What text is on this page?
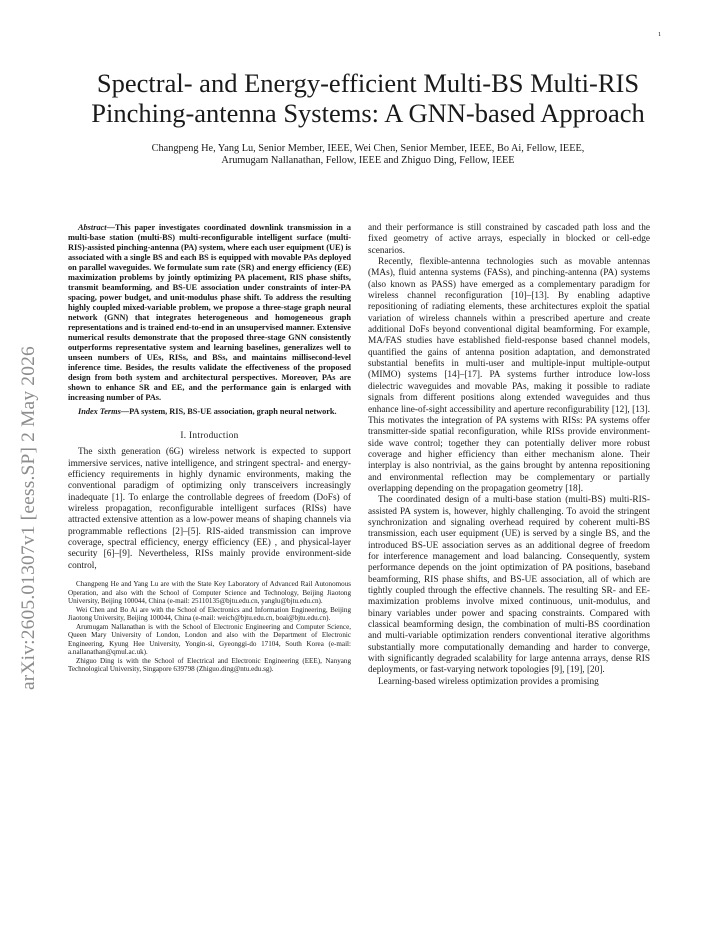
1
arXiv:2605.01307v1 [eess.SP] 2 May 2026
Spectral- and Energy-efficient Multi-BS Multi-RIS
Pinching-antenna Systems: A GNN-based Approach
Changpeng He, Yang Lu, Senior Member, IEEE, Wei Chen, Senior Member, IEEE, Bo Ai, Fellow, IEEE,
Arumugam Nallanathan, Fellow, IEEE and Zhiguo Ding, Fellow, IEEE

Abstract—This paper investigates coordinated downlink transmission in a multi-base station (multi-BS) multi-reconfigurable intelligent surface (multi-RIS)-assisted pinching-antenna (PA) system, where each user equipment (UE) is associated with a single BS and each BS is equipped with movable PAs deployed on parallel waveguides. We formulate sum rate (SR) and energy efficiency (EE) maximization problems by jointly optimizing PA placement, RIS phase shifts, transmit beamforming, and BS-UE association under constraints of inter-PA spacing, power budget, and unit-modulus phase shift. To address the resulting highly coupled mixed-variable problem, we propose a three-stage graph neural network (GNN) that integrates heterogeneous and homogeneous graph representations and is trained end-to-end in an unsupervised manner. Extensive numerical results demonstrate that the proposed three-stage GNN consistently outperforms representative system and learning baselines, generalizes well to unseen numbers of UEs, RISs, and BSs, and maintains millisecond-level inference time. Besides, the results validate the effectiveness of the proposed design from both system and architectural perspectives. Moreover, PAs are shown to enhance SR and EE, and the performance gain is enlarged with increasing number of PAs.

Index Terms—PA system, RIS, BS-UE association, graph neural network.

I. Introduction

The sixth generation (6G) wireless network is expected to support immersive services, native intelligence, and stringent spectral- and energy-efficiency requirements in highly dynamic environments, making the conventional paradigm of optimizing only transceivers increasingly inadequate [1]. To enlarge the controllable degrees of freedom (DoFs) of wireless propagation, reconfigurable intelligent surfaces (RISs) have attracted extensive attention as a low-power means of shaping channels via programmable reflections [2]–[5]. RIS-aided transmission can improve coverage, spectral efficiency, energy efficiency (EE) , and physical-layer security [6]–[9]. Nevertheless, RISs mainly provide environment-side control,

Changpeng He and Yang Lu are with the State Key Laboratory of Advanced Rail Autonomous Operation, and also with the School of Computer Science and Technology, Beijing Jiaotong University, Beijing 100044, China (e-mail: 25110135@bjtu.edu.cn, yanglu@bjtu.edu.cn).

Wei Chen and Bo Ai are with the School of Electronics and Information Engineering, Beijing Jiaotong University, Beijing 100044, China (e-mail: weich@bjtu.edu.cn, boai@bjtu.edu.cn).

Arumugam Nallanathan is with the School of Electronic Engineering and Computer Science, Queen Mary University of London, London and also with the Department of Electronic Engineering, Kyung Hee University, Yongin-si, Gyeonggi-do 17104, South Korea (e-mail: a.nallanathan@qmul.ac.uk).

Zhiguo Ding is with the School of Electrical and Electronic Engineering (EEE), Nanyang Technological University, Singapore 639798 (Zhiguo.ding@ntu.edu.sg).

and their performance is still constrained by cascaded path loss and the fixed geometry of active arrays, especially in blocked or cell-edge scenarios.

Recently, flexible-antenna technologies such as movable antennas (MAs), fluid antenna systems (FASs), and pinching-antenna (PA) systems (also known as PASS) have emerged as a complementary paradigm for wireless channel reconfiguration [10]–[13]. By enabling adaptive repositioning of radiating elements, these architectures exploit the spatial variation of wireless channels within a prescribed aperture and create additional DoFs beyond conventional digital beamforming. For example, MA/FAS studies have established field-response based channel models, quantified the gains of antenna position adaptation, and demonstrated substantial benefits in multi-user and multiple-input multiple-output (MIMO) systems [14]–[17]. PA systems further introduce low-loss dielectric waveguides and movable PAs, making it possible to radiate signals from different positions along extended waveguides and thus enhance line-of-sight accessibility and aperture reconfigurability [12], [13]. This motivates the integration of PA systems with RISs: PA systems offer transmitter-side spatial reconfiguration, while RISs provide environment-side wave control; together they can potentially deliver more robust coverage and higher efficiency than either mechanism alone. Their interplay is also nontrivial, as the gains brought by antenna repositioning and environmental reflection may be complementary or partially overlapping depending on the propagation geometry [18].

The coordinated design of a multi-base station (multi-BS) multi-RIS-assisted PA system is, however, highly challenging. To avoid the stringent synchronization and signaling overhead required by coherent multi-BS transmission, each user equipment (UE) is served by a single BS, and the introduced BS-UE association serves as an additional degree of freedom for interference management and load balancing. Consequently, system performance depends on the joint optimization of PA positions, baseband beamforming, RIS phase shifts, and BS-UE association, all of which are tightly coupled through the effective channels. The resulting SR- and EE-maximization problems involve mixed continuous, unit-modulus, and binary variables under power and spacing constraints. Compared with classical beamforming design, the combination of multi-BS coordination and multi-variable optimization renders conventional iterative algorithms substantially more computationally demanding and harder to converge, with significantly degraded scalability for large antenna arrays, dense RIS deployments, or fast-varying network topologies [9], [19], [20].

Learning-based wireless optimization provides a promising
